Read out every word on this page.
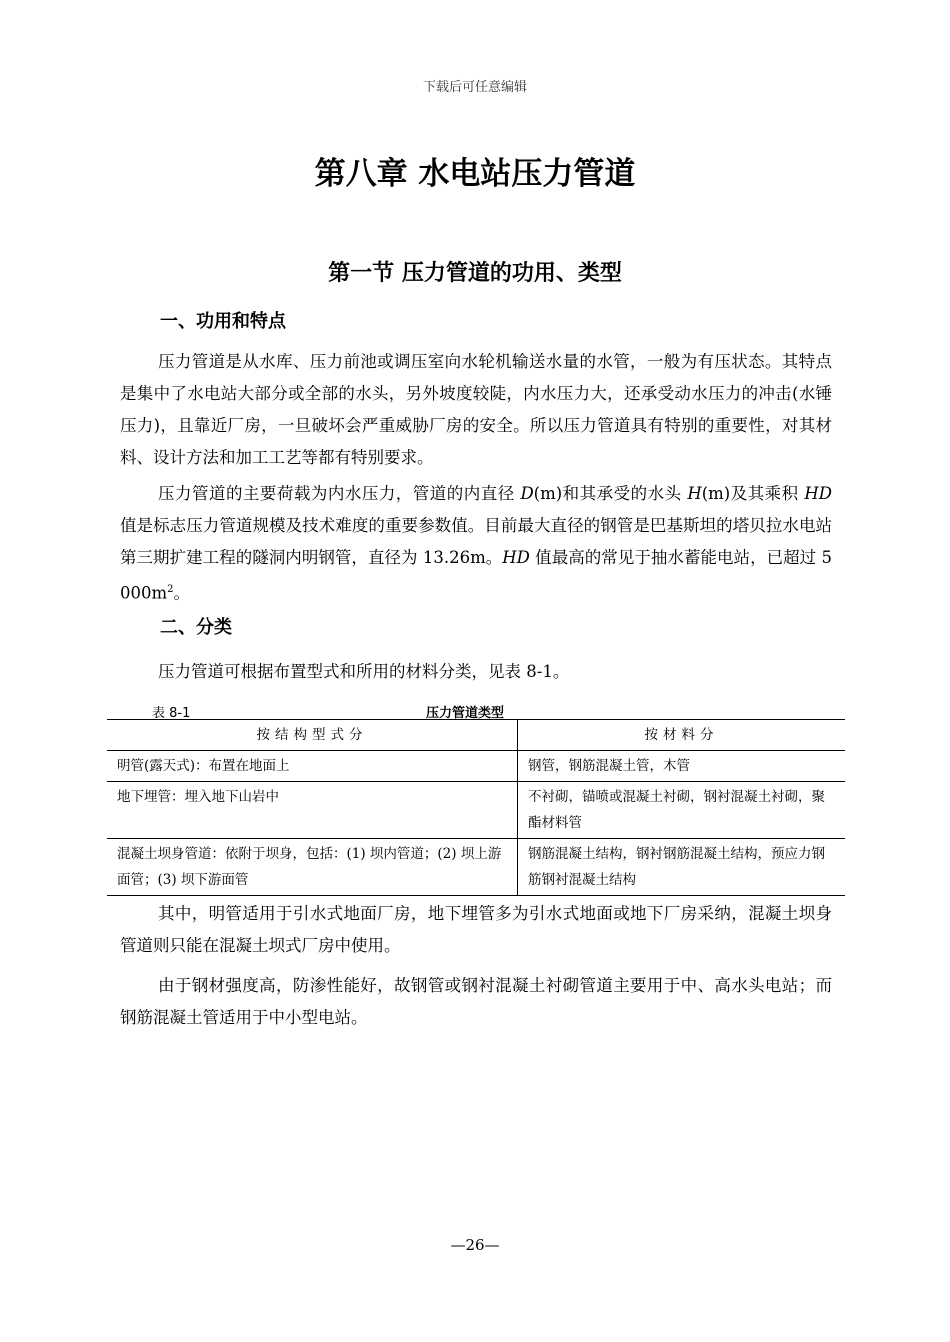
下载后可任意编辑
第八章 水电站压力管道
第一节 压力管道的功用、类型
一、功用和特点
压力管道是从水库、压力前池或调压室向水轮机输送水量的水管，一般为有压状态。其特点是集中了水电站大部分或全部的水头，另外坡度较陡，内水压力大，还承受动水压力的冲击(水锤压力)，且靠近厂房，一旦破坏会严重威胁厂房的安全。所以压力管道具有特别的重要性，对其材料、设计方法和加工工艺等都有特别要求。
压力管道的主要荷载为内水压力，管道的内直径 D(m)和其承受的水头 H(m)及其乘积 HD 值是标志压力管道规模及技术难度的重要参数值。目前最大直径的钢管是巴基斯坦的塔贝拉水电站第三期扩建工程的隧洞内明钢管，直径为 13.26m。HD 值最高的常见于抽水蓄能电站，已超过 5 $000m^2$。
二、分类
压力管道可根据布置型式和所用的材料分类，见表 8-1。
表 8-1	压力管道类型
按结构型式分	按材料分
明管(露天式)：布置在地面上	钢管，钢筋混凝土管，木管
地下埋管：埋入地下山岩中	不衬砌，锚喷或混凝土衬砌，钢衬混凝土衬砌，聚酯材料管
混凝土坝身管道：依附于坝身，包括：(1) 坝内管道；(2) 坝上游面管；(3) 坝下游面管	钢筋混凝土结构，钢衬钢筋混凝土结构，预应力钢筋钢衬混凝土结构
其中，明管适用于引水式地面厂房，地下埋管多为引水式地面或地下厂房采纳，混凝土坝身管道则只能在混凝土坝式厂房中使用。
由于钢材强度高，防渗性能好，故钢管或钢衬混凝土衬砌管道主要用于中、高水头电站；而钢筋混凝土管适用于中小型电站。
—26—
